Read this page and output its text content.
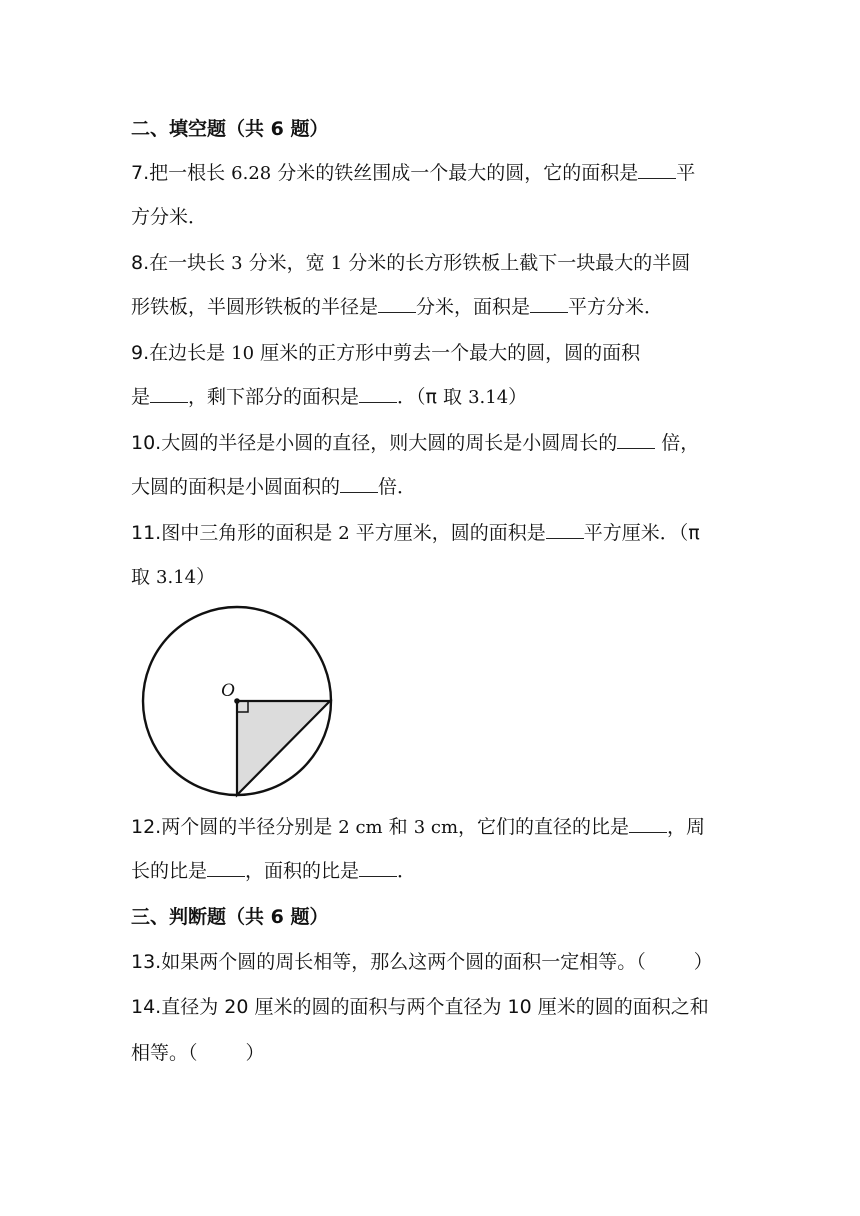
二、填空题（共 6 题）
7.把一根长 6.28 分米的铁丝围成一个最大的圆，它的面积是 平
方分米．
8.在一块长 3 分米，宽 1 分米的长方形铁板上截下一块最大的半圆
形铁板，半圆形铁板的半径是 分米，面积是 平方分米．
9.在边长是 10 厘米的正方形中剪去一个最大的圆，圆的面积
是 ，剩下部分的面积是 ．（π 取 3.14）
10.大圆的半径是小圆的直径，则大圆的周长是小圆周长的 倍，
大圆的面积是小圆面积的 倍．
11.图中三角形的面积是 2 平方厘米，圆的面积是 平方厘米．（π
取 3.14）
O
12.两个圆的半径分别是 2 cm 和 3 cm，它们的直径的比是 ，周
长的比是 ，面积的比是 ．
三、判断题（共 6 题）
13.如果两个圆的周长相等，那么这两个圆的面积一定相等。（	）
14.直径为 20 厘米的圆的面积与两个直径为 10 厘米的圆的面积之和
相等。（	）
